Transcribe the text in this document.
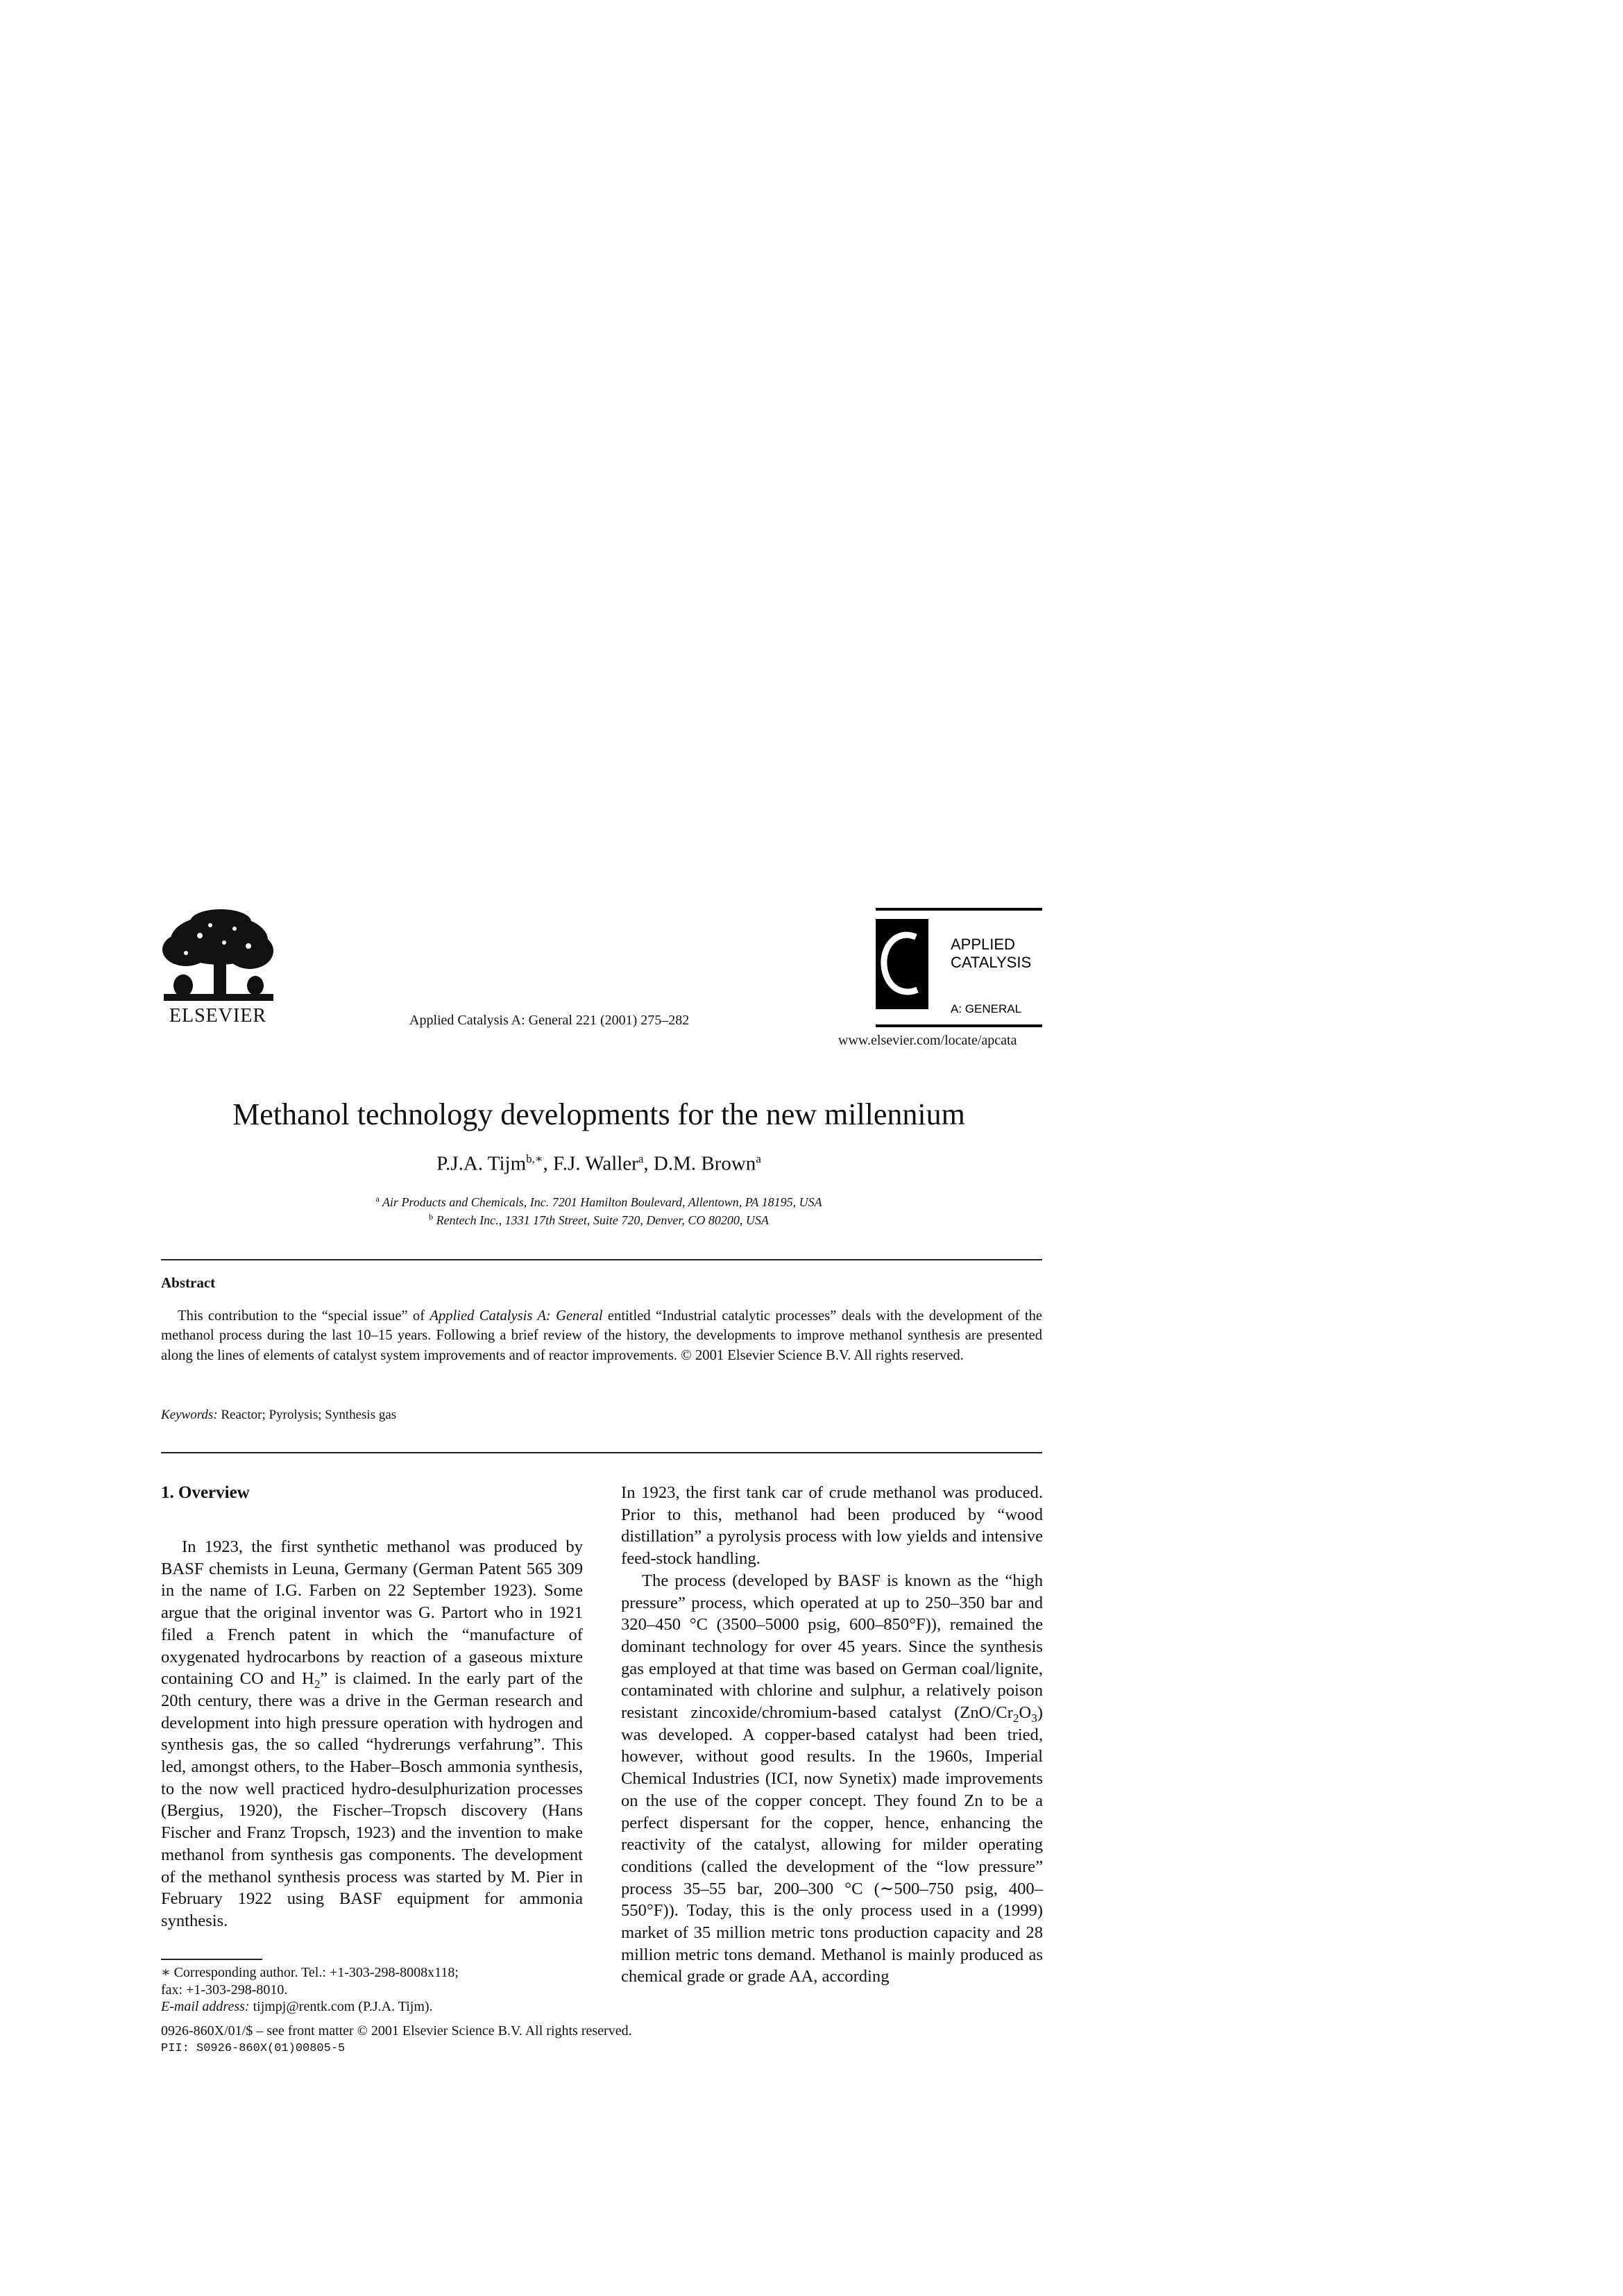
ELSEVIER	Applied Catalysis A: General 221 (2001) 275–282
APPLIED
CATALYSIS
A: GENERAL
www.elsevier.com/locate/apcata
Methanol technology developments for the new millennium
P.J.A. Tijm$^{b,∗}$, F.J. Waller$^a$, D.M. Brown$^a$
$^a$ Air Products and Chemicals, Inc. 7201 Hamilton Boulevard, Allentown, PA 18195, USA
$^b$ Rentech Inc., 1331 17th Street, Suite 720, Denver, CO 80200, USA
Abstract

This contribution to the “special issue” of Applied Catalysis A: General entitled “Industrial catalytic processes” deals with the development of the methanol process during the last 10–15 years. Following a brief review of the history, the developments to improve methanol synthesis are presented along the lines of elements of catalyst system improvements and of reactor improvements. © 2001 Elsevier Science B.V. All rights reserved.

Keywords: Reactor; Pyrolysis; Synthesis gas
1. Overview

In 1923, the first synthetic methanol was produced by BASF chemists in Leuna, Germany (German Patent 565 309 in the name of I.G. Farben on 22 September 1923). Some argue that the original inventor was G. Partort who in 1921 filed a French patent in which the “manufacture of oxygenated hydrocarbons by reaction of a gaseous mixture containing CO and $H_2$” is claimed. In the early part of the 20th century, there was a drive in the German research and development into high pressure operation with hydrogen and synthesis gas, the so called “hydrerungs verfahrung”. This led, amongst others, to the Haber–Bosch ammonia synthesis, to the now well practiced hydro-desulphurization processes (Bergius, 1920), the Fischer–Tropsch discovery (Hans Fischer and Franz Tropsch, 1923) and the invention to make methanol from synthesis gas components. The development of the methanol synthesis process was started by M. Pier in February 1922 using BASF equipment for ammonia synthesis.

In 1923, the first tank car of crude methanol was produced. Prior to this, methanol had been produced by “wood distillation” a pyrolysis process with low yields and intensive feed-stock handling.

The process (developed by BASF is known as the “high pressure” process, which operated at up to 250–350 bar and 320–450 °C (3500–5000 psig, 600–850°F)), remained the dominant technology for over 45 years. Since the synthesis gas employed at that time was based on German coal/lignite, contaminated with chlorine and sulphur, a relatively poison resistant zincoxide/chromium-based catalyst $(ZnO/Cr_2O_3)$ was developed. A copper-based catalyst had been tried, however, without good results. In the 1960s, Imperial Chemical Industries (ICI, now Synetix) made improvements on the use of the copper concept. They found Zn to be a perfect dispersant for the copper, hence, enhancing the reactivity of the catalyst, allowing for milder operating conditions (called the development of the “low pressure” process 35–55 bar, 200–300 °C (∼500–750 psig, 400–550°F)). Today, this is the only process used in a (1999) market of 35 million metric tons production capacity and 28 million metric tons demand. Methanol is mainly produced as chemical grade or grade AA, according

∗ Corresponding author. Tel.: +1-303-298-8008x118;
fax: +1-303-298-8010.
E-mail address: tijmpj@rentk.com (P.J.A. Tijm).
0926-860X/01/$ – see front matter © 2001 Elsevier Science B.V. All rights reserved.
PII: S0926-860X(01)00805-5
